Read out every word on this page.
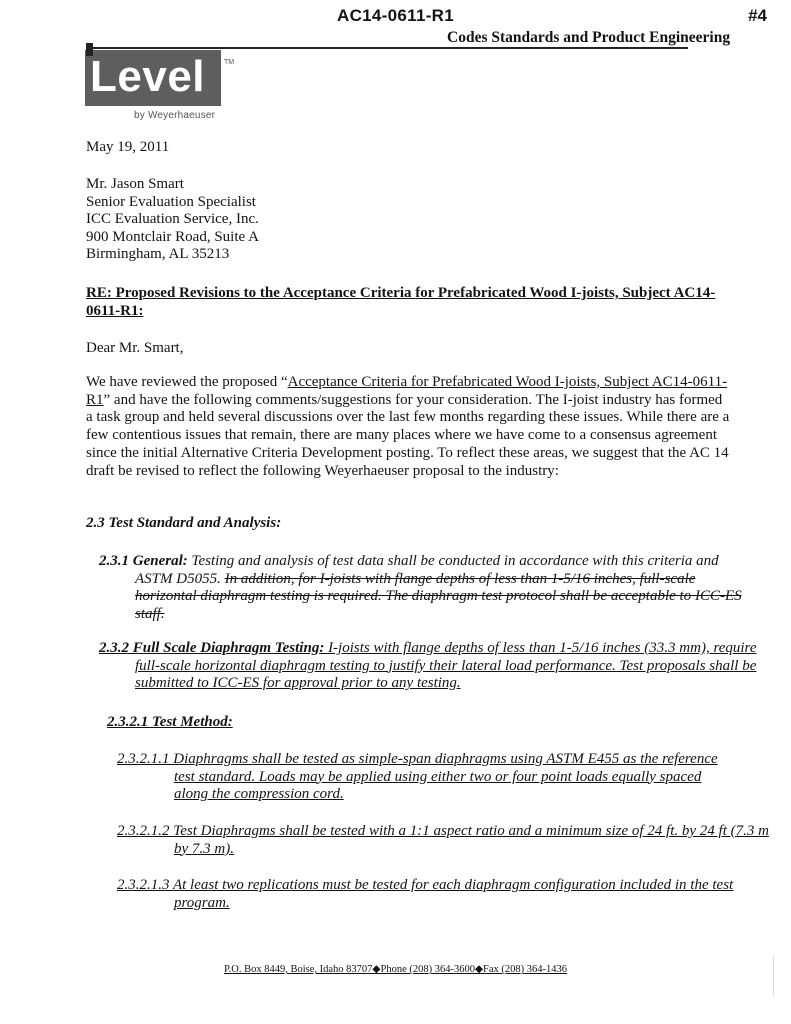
AC14-0611-R1	#4
Codes Standards and Product Engineering
Level	TM
by Weyerhaeuser
May 19, 2011
Mr. Jason Smart
Senior Evaluation Specialist
ICC Evaluation Service, Inc.
900 Montclair Road, Suite A
Birmingham, AL 35213
RE: Proposed Revisions to the Acceptance Criteria for Prefabricated Wood I-joists, Subject AC14-0611-R1:
Dear Mr. Smart,
We have reviewed the proposed “Acceptance Criteria for Prefabricated Wood I-joists, Subject AC14-0611-R1” and have the following comments/suggestions for your consideration. The I-joist industry has formed a task group and held several discussions over the last few months regarding these issues. While there are a few contentious issues that remain, there are many places where we have come to a consensus agreement since the initial Alternative Criteria Development posting. To reflect these areas, we suggest that the AC 14 draft be revised to reflect the following Weyerhaeuser proposal to the industry:
2.3 Test Standard and Analysis:
2.3.1 General: Testing and analysis of test data shall be conducted in accordance with this criteria and ASTM D5055. In addition, for I-joists with flange depths of less than 1-5/16 inches, full-scale horizontal diaphragm testing is required. The diaphragm test protocol shall be acceptable to ICC-ES staff.
2.3.2 Full Scale Diaphragm Testing: I-joists with flange depths of less than 1-5/16 inches (33.3 mm), require full-scale horizontal diaphragm testing to justify their lateral load performance. Test proposals shall be submitted to ICC-ES for approval prior to any testing.
2.3.2.1 Test Method:
2.3.2.1.1 Diaphragms shall be tested as simple-span diaphragms using ASTM E455 as the reference test standard. Loads may be applied using either two or four point loads equally spaced along the compression cord.
2.3.2.1.2 Test Diaphragms shall be tested with a 1:1 aspect ratio and a minimum size of 24 ft. by 24 ft (7.3 m by 7.3 m).
2.3.2.1.3 At least two replications must be tested for each diaphragm configuration included in the test program.
P.O. Box 8449, Boise, Idaho 83707◆Phone (208) 364-3600◆Fax (208) 364-1436
